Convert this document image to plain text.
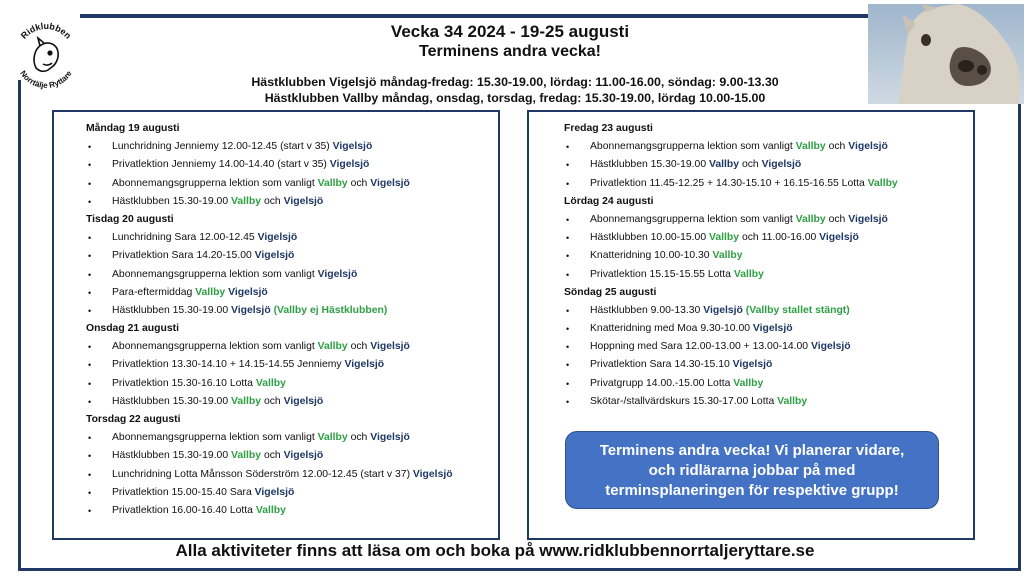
Ridklubben
Norrtälje Ryttare
Vecka 34 2024 - 19-25 augusti
Terminens andra vecka!
Hästklubben Vigelsjö måndag-fredag: 15.30-19.00, lördag: 11.00-16.00, söndag: 9.00-13.30
Hästklubben Vallby måndag, onsdag, torsdag, fredag: 15.30-19.00, lördag 10.00-15.00
Måndag 19 augusti
• Lunchridning Jenniemy 12.00-12.45 (start v 35) Vigelsjö
• Privatlektion Jenniemy 14.00-14.40 (start v 35) Vigelsjö
• Abonnemangsgrupperna lektion som vanligt Vallby och Vigelsjö
• Hästklubben 15.30-19.00 Vallby och Vigelsjö
Tisdag 20 augusti
• Lunchridning Sara 12.00-12.45 Vigelsjö
• Privatlektion Sara 14.20-15.00 Vigelsjö
• Abonnemangsgrupperna lektion som vanligt Vigelsjö
• Para-eftermiddag Vallby Vigelsjö
• Hästklubben 15.30-19.00 Vigelsjö (Vallby ej Hästklubben)
Onsdag 21 augusti
• Abonnemangsgrupperna lektion som vanligt Vallby och Vigelsjö
• Privatlektion 13.30-14.10 + 14.15-14.55 Jenniemy Vigelsjö
• Privatlektion 15.30-16.10 Lotta Vallby
• Hästklubben 15.30-19.00 Vallby och Vigelsjö
Torsdag 22 augusti
• Abonnemangsgrupperna lektion som vanligt Vallby och Vigelsjö
• Hästklubben 15.30-19.00 Vallby och Vigelsjö
• Lunchridning Lotta Månsson Söderström 12.00-12.45 (start v 37) Vigelsjö
• Privatlektion 15.00-15.40 Sara Vigelsjö
• Privatlektion 16.00-16.40 Lotta Vallby
Fredag 23 augusti
• Abonnemangsgrupperna lektion som vanligt Vallby och Vigelsjö
• Hästklubben 15.30-19.00 Vallby och Vigelsjö
• Privatlektion 11.45-12.25 + 14.30-15.10 + 16.15-16.55 Lotta Vallby
Lördag 24 augusti
• Abonnemangsgrupperna lektion som vanligt Vallby och Vigelsjö
• Hästklubben 10.00-15.00 Vallby och 11.00-16.00 Vigelsjö
• Knatteridning 10.00-10.30 Vallby
• Privatlektion 15.15-15.55 Lotta Vallby
Söndag 25 augusti
• Hästklubben 9.00-13.30 Vigelsjö (Vallby stallet stängt)
• Knatteridning med Moa 9.30-10.00 Vigelsjö
• Hoppning med Sara 12.00-13.00 + 13.00-14.00 Vigelsjö
• Privatlektion Sara 14.30-15.10 Vigelsjö
• Privatgrupp 14.00.-15.00 Lotta Vallby
• Skötar-/stallvärdskurs 15.30-17.00 Lotta Vallby
Terminens andra vecka! Vi planerar vidare,
och ridlärarna jobbar på med
terminsplaneringen för respektive grupp!
Alla aktiviteter finns att läsa om och boka på www.ridklubbennorrtaljeryttare.se
